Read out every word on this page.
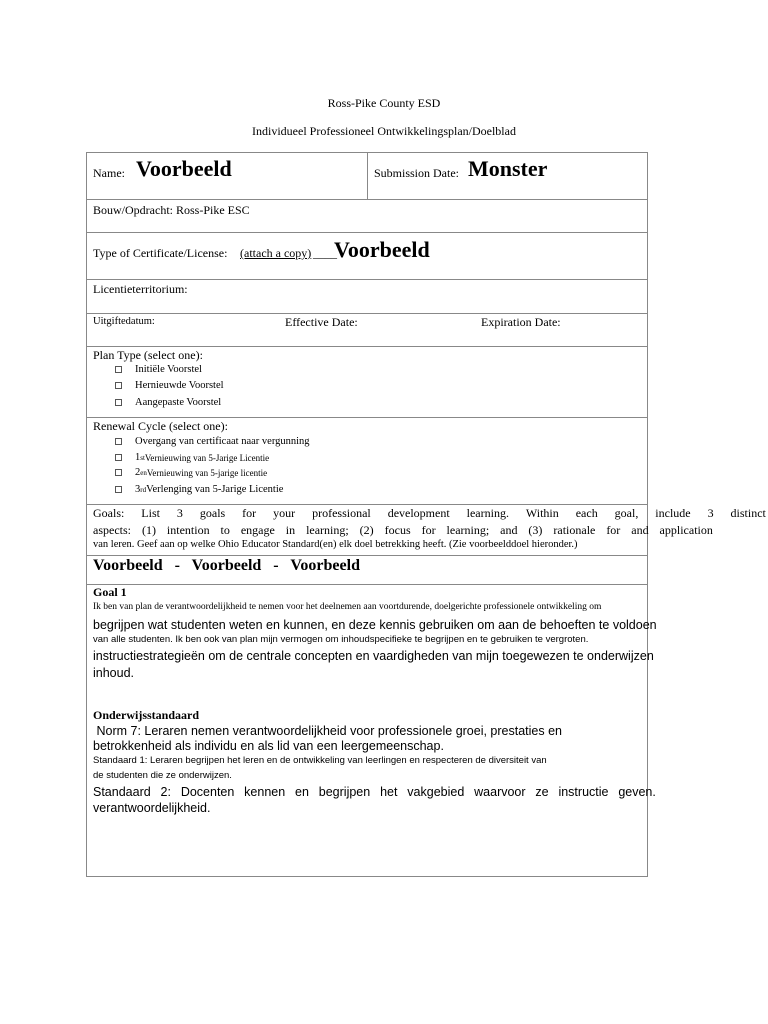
Ross-Pike County ESD
Individueel Professioneel Ontwikkelingsplan/Doelblad
Name: Voorbeeld	Submission Date: Monster
Bouw/Opdracht: Ross-Pike ESC
Type of Certificate/License: (attach a copy) ____
Voorbeeld
Licentieterritorium:
Uitgiftedatum:	Effective Date:	Expiration Date:
Plan Type (select one):
Initiële Voorstel
Hernieuwde Voorstel
Aangepaste Voorstel
Renewal Cycle (select one):
Overgang van certificaat naar vergunning
1 st Vernieuwing van 5-Jarige Licentie
2 en Vernieuwing van 5-jarige licentie
3 rd Verlenging van 5-Jarige Licentie
Goals: List 3 goals for your professional development learning. Within each goal, include 3 distinct
aspects: (1) intention to engage in learning; (2) focus for learning; and (3) rationale for and application
van leren. Geef aan op welke Ohio Educator Standard(en) elk doel betrekking heeft. (Zie voorbeelddoel hieronder.)
Voorbeeld   -   Voorbeeld   -   Voorbeeld
Goal 1
Ik ben van plan de verantwoordelijkheid te nemen voor het deelnemen aan voortdurende, doelgerichte professionele ontwikkeling om
begrijpen wat studenten weten en kunnen, en deze kennis gebruiken om aan de behoeften te voldoen
van alle studenten. Ik ben ook van plan mijn vermogen om inhoudspecifieke te begrijpen en te gebruiken te vergroten.
instructiestrategieën om de centrale concepten en vaardigheden van mijn toegewezen te onderwijzen
inhoud.
Onderwijsstandaard
Norm 7: Leraren nemen verantwoordelijkheid voor professionele groei, prestaties en
betrokkenheid als individu en als lid van een leergemeenschap.
Standaard 1: Leraren begrijpen het leren en de ontwikkeling van leerlingen en respecteren de diversiteit van
de studenten die ze onderwijzen.
Standaard 2: Docenten kennen en begrijpen het vakgebied waarvoor ze instructie geven.
verantwoordelijkheid.
